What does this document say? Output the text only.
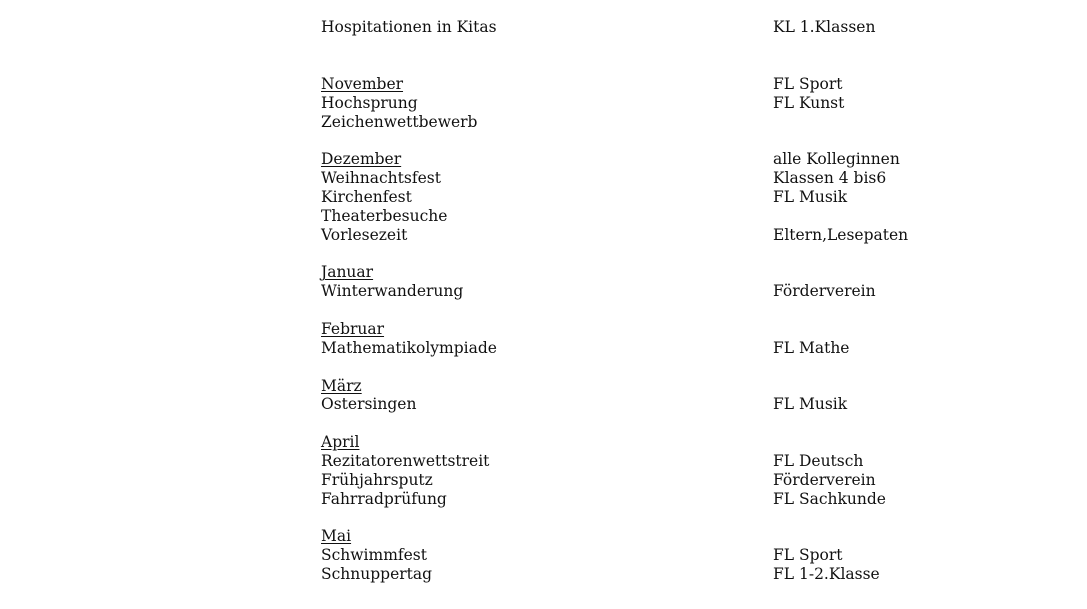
Hospitationen in Kitas	KL 1.Klassen
November	FL Sport
Hochsprung	FL Kunst
Zeichenwettbewerb
Dezember	alle Kolleginnen
Weihnachtsfest	Klassen 4 bis6
Kirchenfest	FL Musik
Theaterbesuche
Vorlesezeit	Eltern,Lesepaten
Januar
Winterwanderung	Förderverein
Februar
Mathematikolympiade	FL Mathe
März
Ostersingen	FL Musik
April
Rezitatorenwettstreit	FL Deutsch
Frühjahrsputz	Förderverein
Fahrradprüfung	FL Sachkunde
Mai
Schwimmfest	FL Sport
Schnuppertag	FL 1-2.Klasse
